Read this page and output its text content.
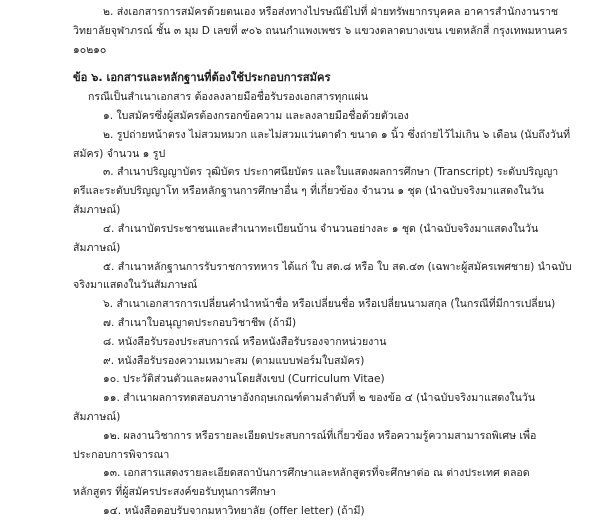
๒. ส่งเอกสารการสมัครด้วยตนเอง หรือส่งทางไปรษณีย์ไปที่ ฝ่ายทรัพยากรบุคคล อาคารสำนักงานราช
วิทยาลัยจุฬาภรณ์ ชั้น ๓ มุม D เลขที่ ๙๐๖ ถนนกำแพงเพชร ๖ แขวงตลาดบางเขน เขตหลักสี่ กรุงเทพมหานคร
๑๐๒๑๐
ข้อ ๖. เอกสารและหลักฐานที่ต้องใช้ประกอบการสมัคร
กรณีเป็นสำเนาเอกสาร ต้องลงลายมือชื่อรับรองเอกสารทุกแผ่น
๑. ใบสมัครซึ่งผู้สมัครต้องกรอกข้อความ และลงลายมือชื่อด้วยตัวเอง
๒. รูปถ่ายหน้าตรง ไม่สวมหมวก และไม่สวมแว่นตาดำ ขนาด ๑ นิ้ว ซึ่งถ่ายไว้ไม่เกิน ๖ เดือน (นับถึงวันที่
สมัคร) จำนวน ๑ รูป
๓. สำเนาปริญญาบัตร วุฒิบัตร ประกาศนียบัตร และใบแสดงผลการศึกษา (Transcript) ระดับปริญญา
ตรีและระดับปริญญาโท หรือหลักฐานการศึกษาอื่น ๆ ที่เกี่ยวข้อง จำนวน ๑ ชุด (นำฉบับจริงมาแสดงในวัน
สัมภาษณ์)
๔. สำเนาบัตรประชาชนและสำเนาทะเบียนบ้าน จำนวนอย่างละ ๑ ชุด (นำฉบับจริงมาแสดงในวัน
สัมภาษณ์)
๕. สำเนาหลักฐานการรับราชการทหาร ได้แก่ ใบ สด.๘ หรือ ใบ สด.๔๓ (เฉพาะผู้สมัครเพศชาย) นำฉบับ
จริงมาแสดงในวันสัมภาษณ์
๖. สำเนาเอกสารการเปลี่ยนคำนำหน้าชื่อ หรือเปลี่ยนชื่อ หรือเปลี่ยนนามสกุล (ในกรณีที่มีการเปลี่ยน)
๗. สำเนาใบอนุญาตประกอบวิชาชีพ (ถ้ามี)
๘. หนังสือรับรองประสบการณ์ หรือหนังสือรับรองจากหน่วยงาน
๙. หนังสือรับรองความเหมาะสม (ตามแบบฟอร์มใบสมัคร)
๑๐. ประวัติส่วนตัวและผลงานโดยสังเขป (Curriculum Vitae)
๑๑. สำเนาผลการทดสอบภาษาอังกฤษเกณฑ์ตามลำดับที่ ๒ ของข้อ ๔ (นำฉบับจริงมาแสดงในวัน
สัมภาษณ์)
๑๒. ผลงานวิชาการ หรือรายละเอียดประสบการณ์ที่เกี่ยวข้อง หรือความรู้ความสามารถพิเศษ เพื่อ
ประกอบการพิจารณา
๑๓. เอกสารแสดงรายละเอียดสถาบันการศึกษาและหลักสูตรที่จะศึกษาต่อ ณ ต่างประเทศ ตลอด
หลักสูตร ที่ผู้สมัครประสงค์ขอรับทุนการศึกษา
๑๔. หนังสือตอบรับจากมหาวิทยาลัย (offer letter) (ถ้ามี)
